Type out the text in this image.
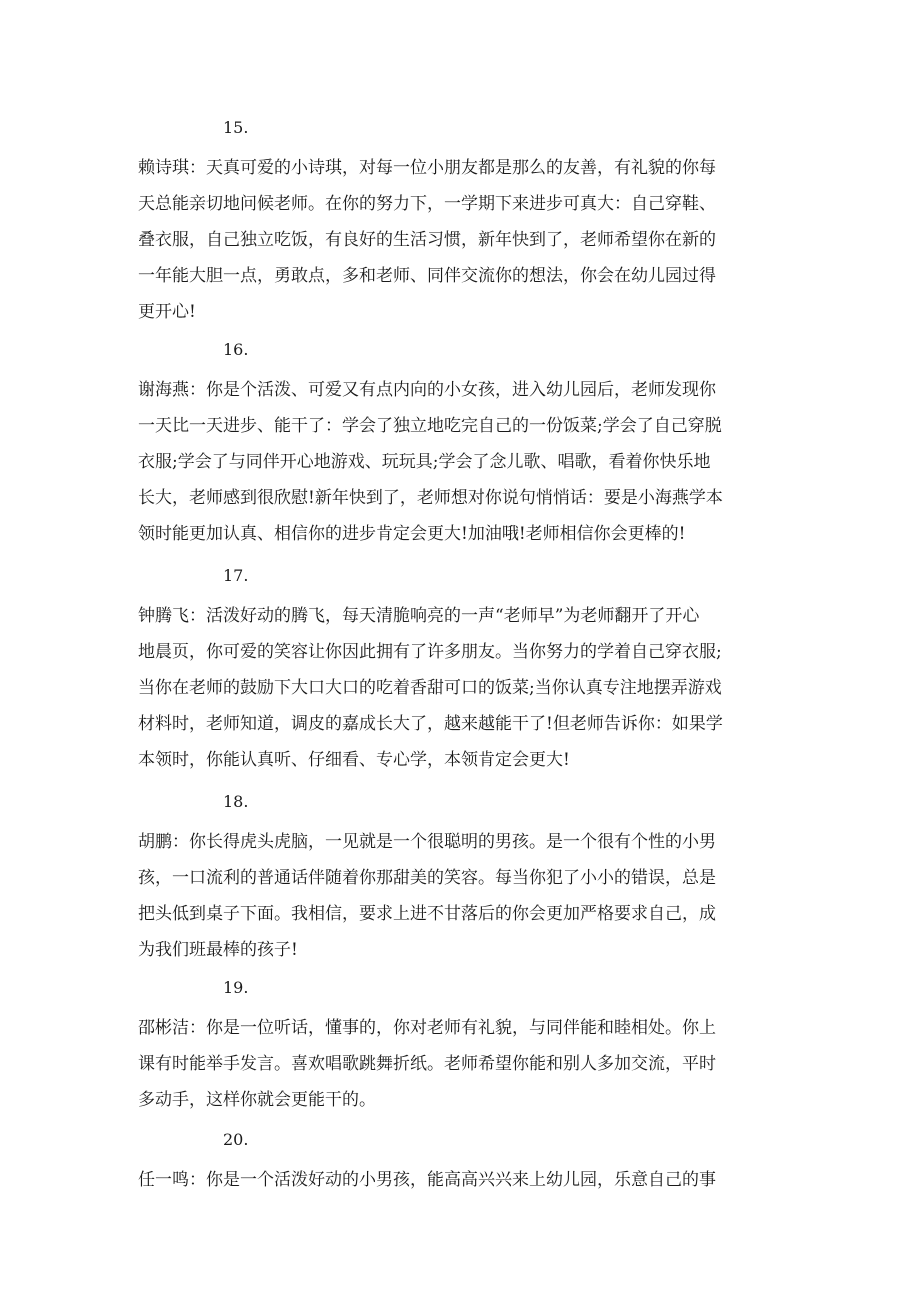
15.

赖诗琪：天真可爱的小诗琪，对每一位小朋友都是那么的友善，有礼貌的你每
天总能亲切地问候老师。在你的努力下，一学期下来进步可真大：自己穿鞋、
叠衣服，自己独立吃饭，有良好的生活习惯，新年快到了，老师希望你在新的
一年能大胆一点，勇敢点，多和老师、同伴交流你的想法，你会在幼儿园过得
更开心!

16.

谢海燕：你是个活泼、可爱又有点内向的小女孩，进入幼儿园后，老师发现你
一天比一天进步、能干了：学会了独立地吃完自己的一份饭菜;学会了自己穿脱
衣服;学会了与同伴开心地游戏、玩玩具;学会了念儿歌、唱歌，看着你快乐地
长大，老师感到很欣慰!新年快到了，老师想对你说句悄悄话：要是小海燕学本
领时能更加认真、相信你的进步肯定会更大!加油哦!老师相信你会更棒的!

17.

钟腾飞：活泼好动的腾飞，每天清脆响亮的一声“老师早”为老师翻开了开心
地晨页，你可爱的笑容让你因此拥有了许多朋友。当你努力的学着自己穿衣服;
当你在老师的鼓励下大口大口的吃着香甜可口的饭菜;当你认真专注地摆弄游戏
材料时，老师知道，调皮的嘉成长大了，越来越能干了!但老师告诉你：如果学
本领时，你能认真听、仔细看、专心学，本领肯定会更大!

18.

胡鹏：你长得虎头虎脑，一见就是一个很聪明的男孩。是一个很有个性的小男
孩，一口流利的普通话伴随着你那甜美的笑容。每当你犯了小小的错误，总是
把头低到桌子下面。我相信，要求上进不甘落后的你会更加严格要求自己，成
为我们班最棒的孩子!

19.

邵彬洁：你是一位听话，懂事的，你对老师有礼貌，与同伴能和睦相处。你上
课有时能举手发言。喜欢唱歌跳舞折纸。老师希望你能和别人多加交流，平时
多动手，这样你就会更能干的。

20.

任一鸣：你是一个活泼好动的小男孩，能高高兴兴来上幼儿园，乐意自己的事
